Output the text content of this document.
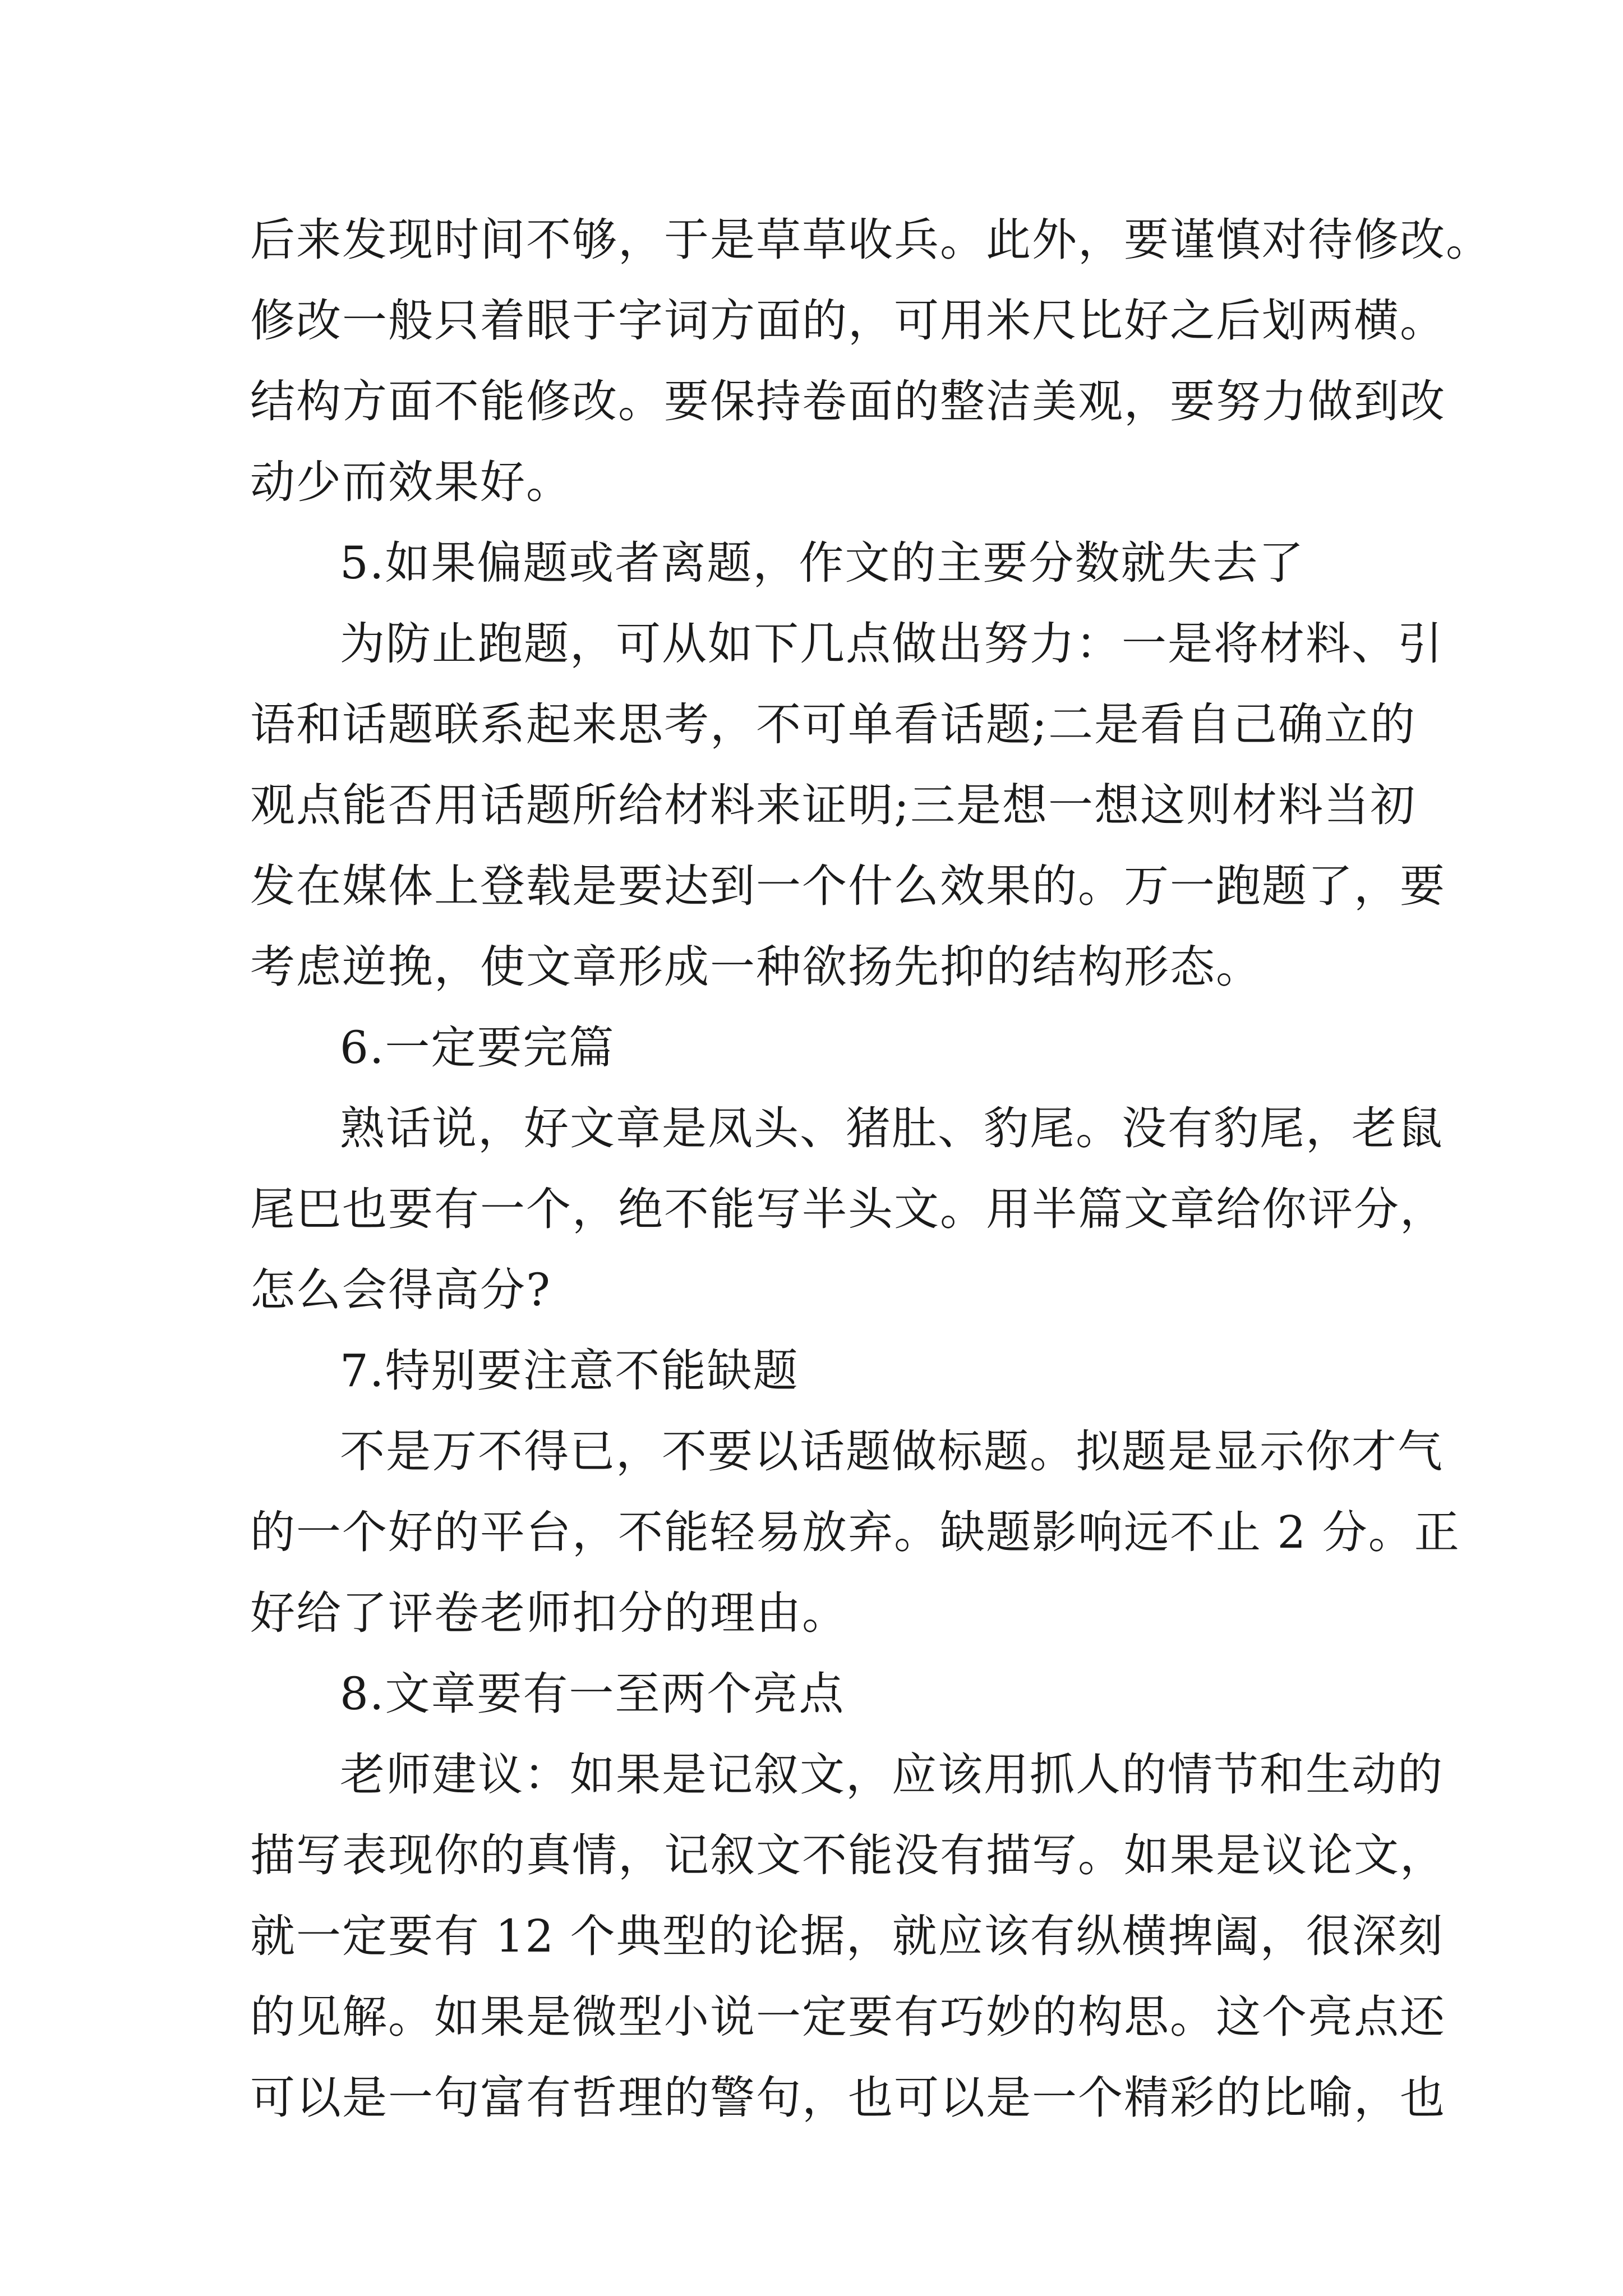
后来发现时间不够，于是草草收兵。此外，要谨慎对待修改。
修改一般只着眼于字词方面的，可用米尺比好之后划两横。
结构方面不能修改。要保持卷面的整洁美观，要努力做到改
动少而效果好。
5.如果偏题或者离题，作文的主要分数就失去了
为防止跑题，可从如下几点做出努力：一是将材料、引
语和话题联系起来思考，不可单看话题;二是看自己确立的
观点能否用话题所给材料来证明;三是想一想这则材料当初
发在媒体上登载是要达到一个什么效果的。万一跑题了，要
考虑逆挽，使文章形成一种欲扬先抑的结构形态。
6.一定要完篇
熟话说，好文章是凤头、猪肚、豹尾。没有豹尾，老鼠
尾巴也要有一个，绝不能写半头文。用半篇文章给你评分，
怎么会得高分?
7.特别要注意不能缺题
不是万不得已，不要以话题做标题。拟题是显示你才气
的一个好的平台，不能轻易放弃。缺题影响远不止 2 分。正
好给了评卷老师扣分的理由。
8.文章要有一至两个亮点
老师建议：如果是记叙文，应该用抓人的情节和生动的
描写表现你的真情，记叙文不能没有描写。如果是议论文，
就一定要有 12 个典型的论据，就应该有纵横捭阖，很深刻
的见解。如果是微型小说一定要有巧妙的构思。这个亮点还
可以是一句富有哲理的警句，也可以是一个精彩的比喻，也
